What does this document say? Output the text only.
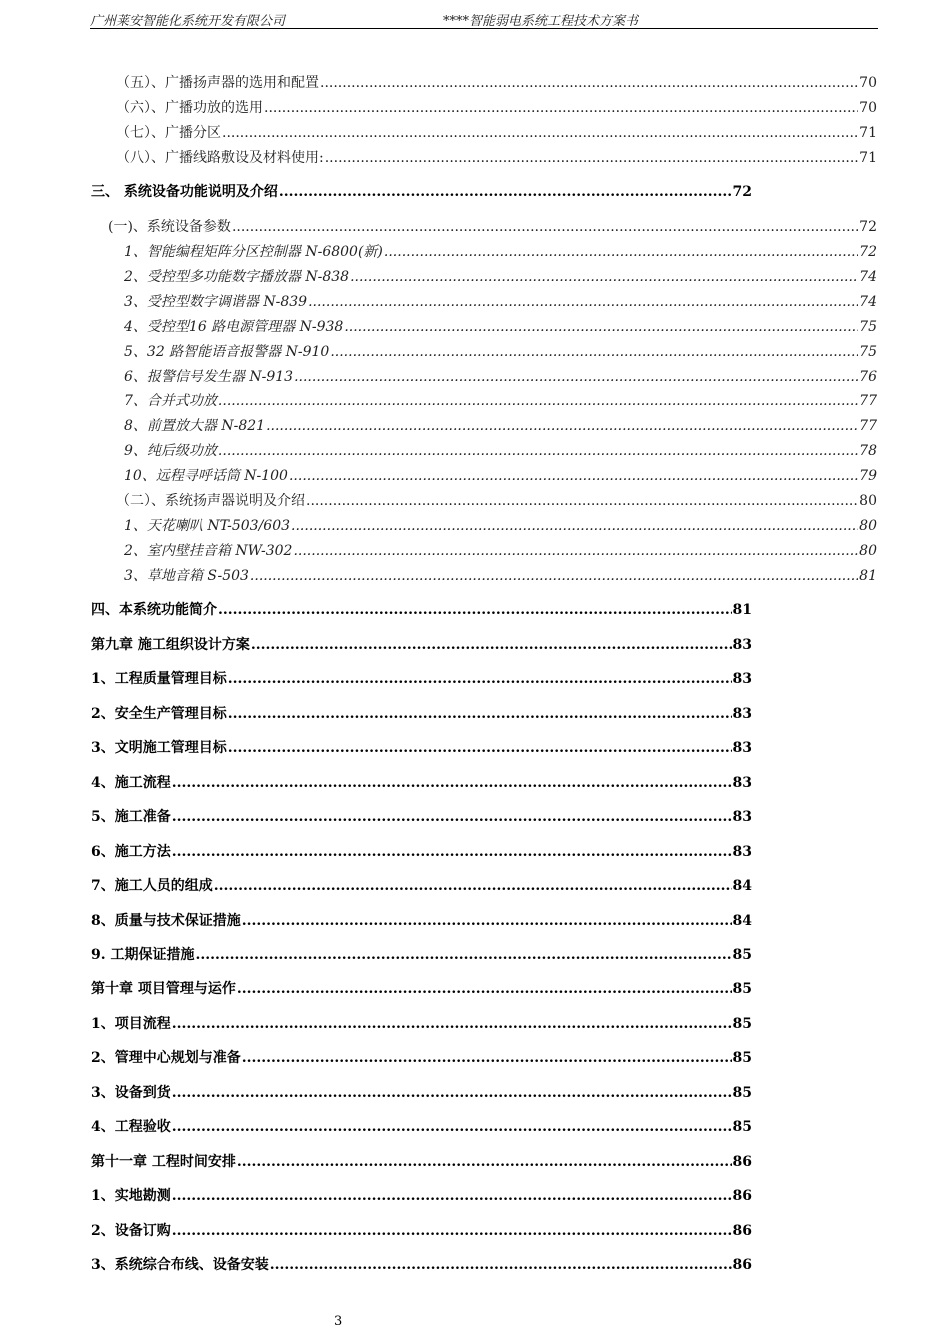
广州莱安智能化系统开发有限公司	****智能弱电系统工程技术方案书
（五）、广播扬声器的选用和配置 .....	70
（六）、广播功放的选用 .....	70
（七）、广播分区 .....	71
（八）、广播线路敷设及材料使用: .....	71
三、 系统设备功能说明及介绍 .....	72
(一)、系统设备参数 .....	72
1、智能编程矩阵分区控制器 N-6800(新) .....	72
2、受控型多功能数字播放器 N-838 .....	74
3、受控型数字调谐器 N-839 .....	74
4、受控型16 路电源管理器 N-938 .....	75
5、32 路智能语音报警器 N-910 .....	75
6、报警信号发生器 N-913 .....	76
7、合并式功放 .....	77
8、前置放大器 N-821 .....	77
9、纯后级功放 .....	78
10、远程寻呼话筒 N-100 .....	79
（二）、系统扬声器说明及介绍 .....	80
1、天花喇叭 NT-503/603 .....	80
2、室内壁挂音箱 NW-302 .....	80
3、草地音箱 S-503 .....	81
四、本系统功能简介 .....	81
第九章 施工组织设计方案 .....	83
1、工程质量管理目标 .....	83
2、安全生产管理目标 .....	83
3、文明施工管理目标 .....	83
4、施工流程 .....	83
5、施工准备 .....	83
6、施工方法 .....	83
7、施工人员的组成 .....	84
8、质量与技术保证措施 .....	84
9. 工期保证措施 .....	85
第十章 项目管理与运作 .....	85
1、项目流程 .....	85
2、管理中心规划与准备 .....	85
3、设备到货 .....	85
4、工程验收 .....	85
第十一章 工程时间安排 .....	86
1、实地勘测 .....	86
2、设备订购 .....	86
3、系统综合布线、设备安装 .....	86
3
